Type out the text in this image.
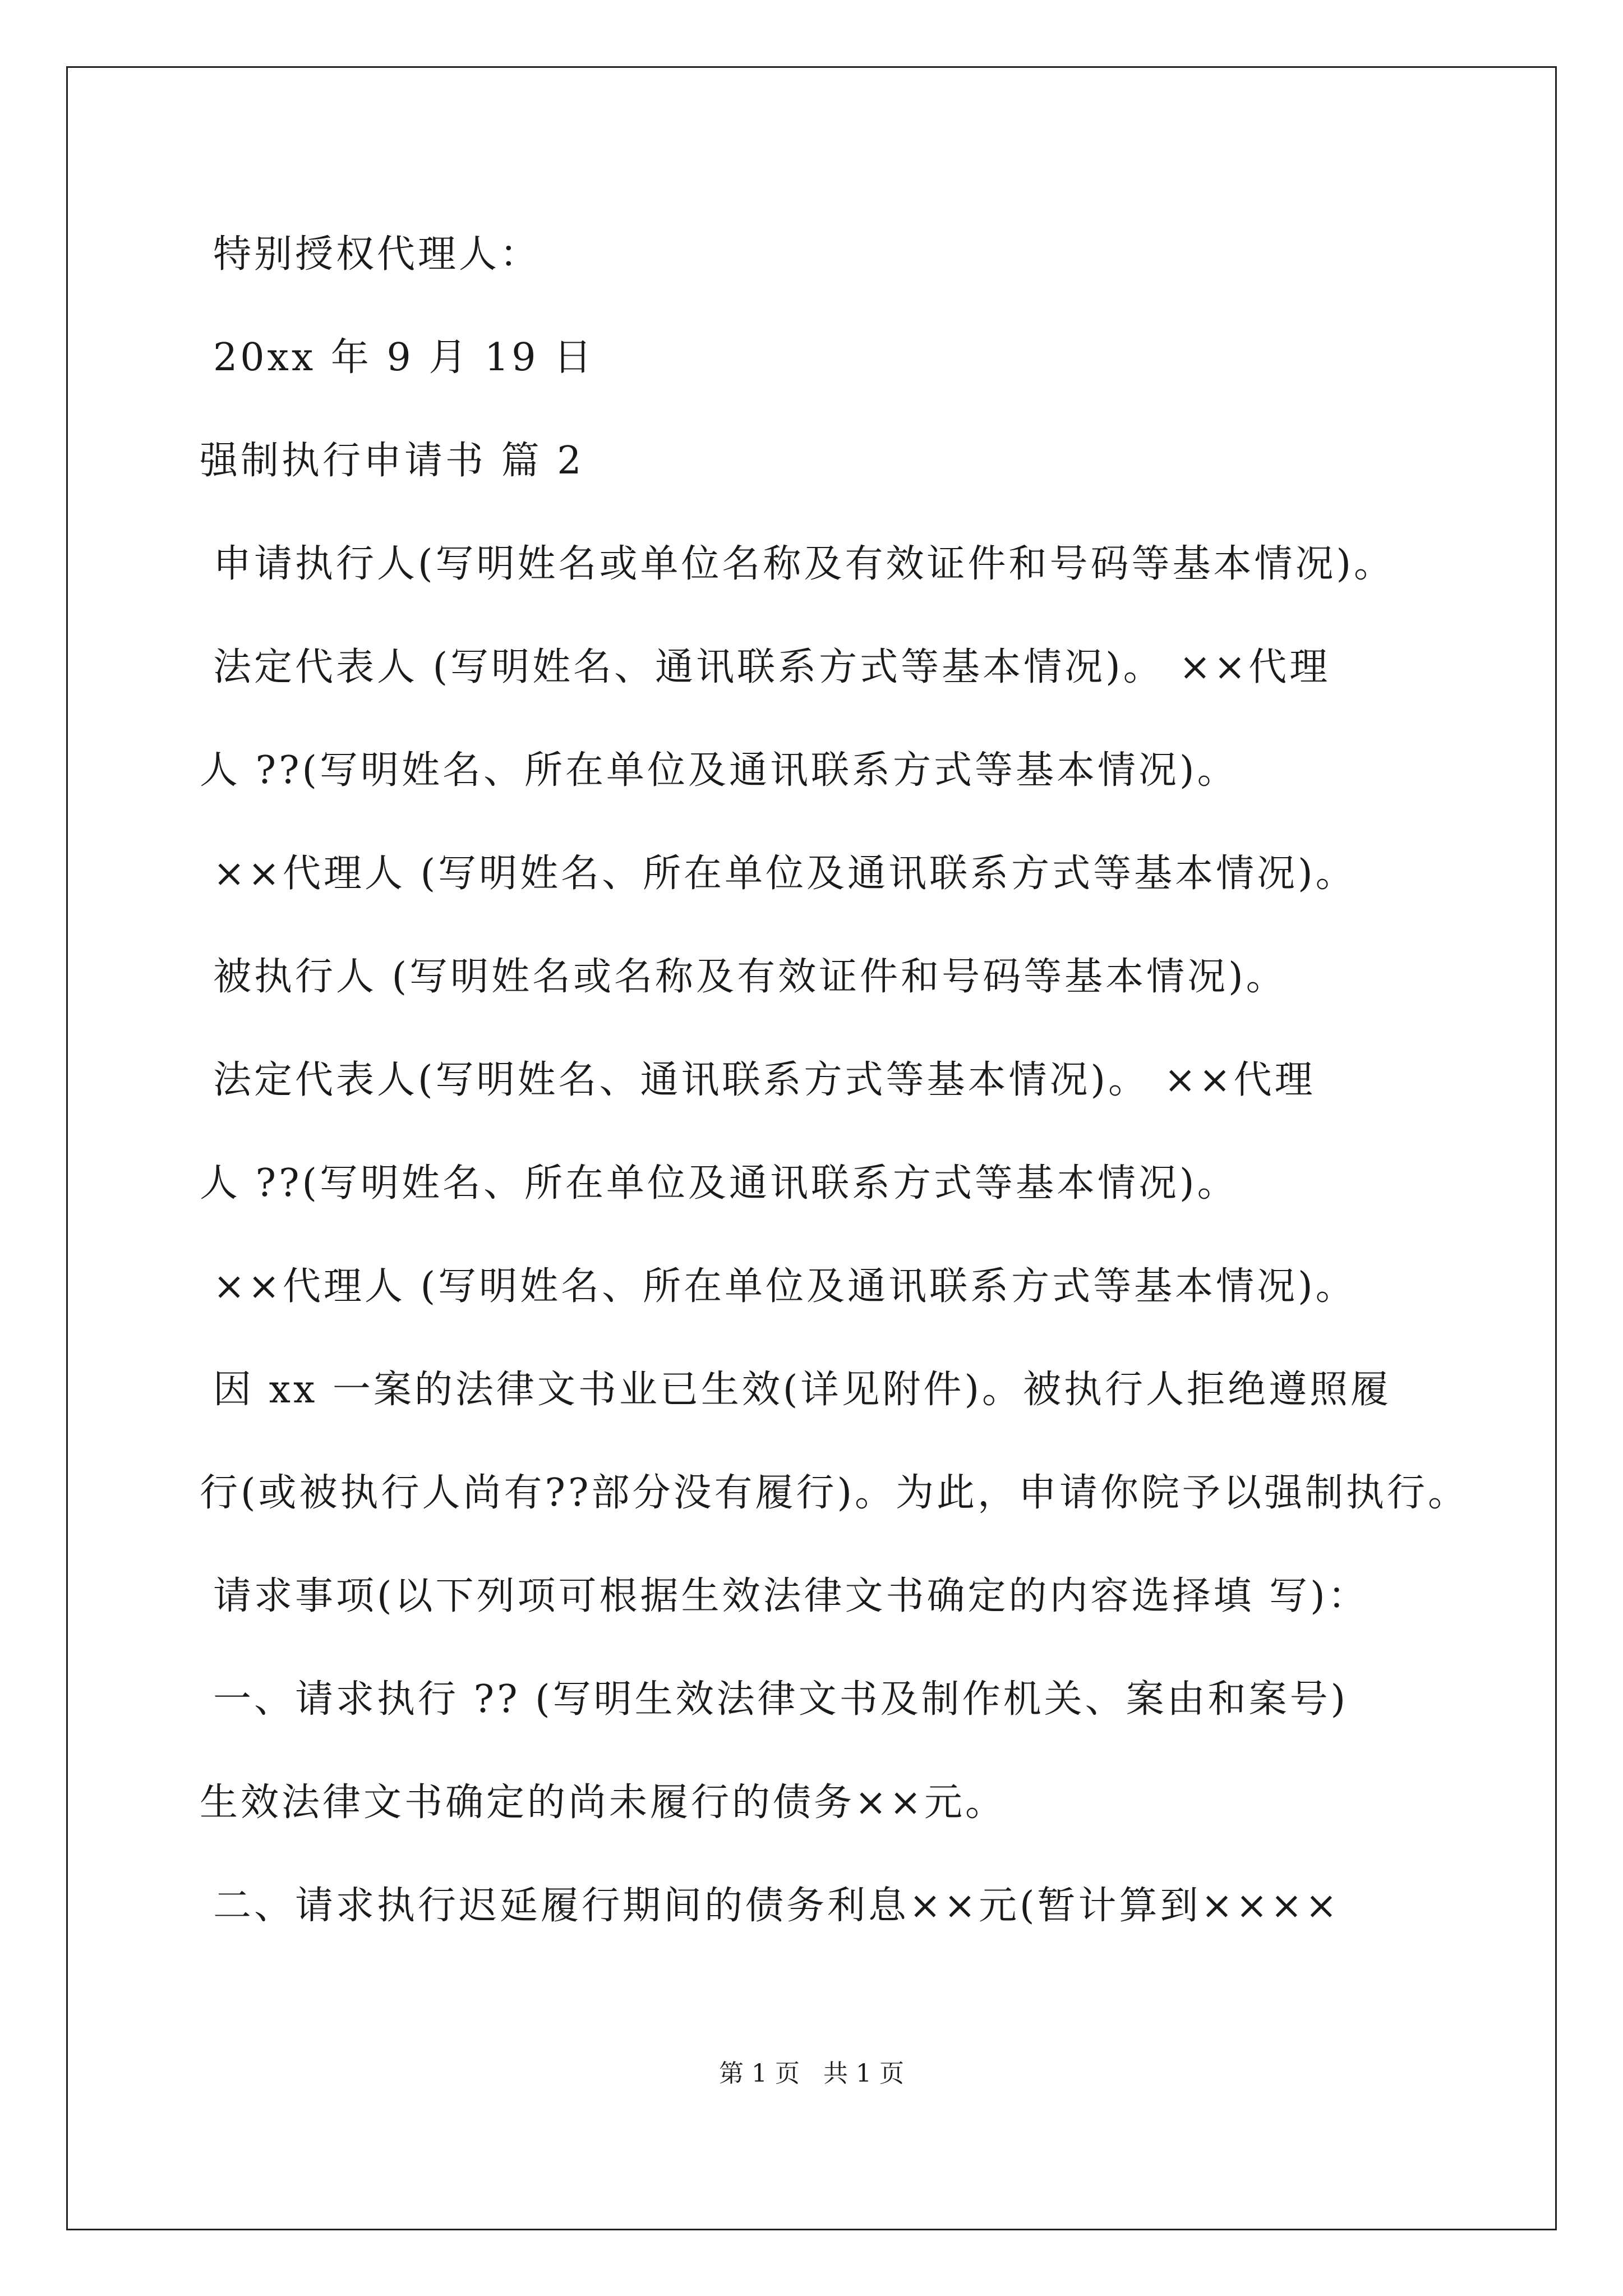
特别授权代理人：

20xx 年 9 月 19 日

强制执行申请书 篇 2

申请执行人(写明姓名或单位名称及有效证件和号码等基本情况)。

法定代表人 (写明姓名、通讯联系方式等基本情况)。 ××代理

人 ??(写明姓名、所在单位及通讯联系方式等基本情况)。

××代理人 (写明姓名、所在单位及通讯联系方式等基本情况)。

被执行人 (写明姓名或名称及有效证件和号码等基本情况)。

法定代表人(写明姓名、通讯联系方式等基本情况)。 ××代理

人 ??(写明姓名、所在单位及通讯联系方式等基本情况)。

××代理人 (写明姓名、所在单位及通讯联系方式等基本情况)。

因 xx 一案的法律文书业已生效(详见附件)。被执行人拒绝遵照履

行(或被执行人尚有??部分没有履行)。为此，申请你院予以强制执行。

请求事项(以下列项可根据生效法律文书确定的内容选择填 写)：

一、请求执行 ?? (写明生效法律文书及制作机关、案由和案号)

生效法律文书确定的尚未履行的债务××元。

二、请求执行迟延履行期间的债务利息××元(暂计算到××××

第 1 页   共 1 页
